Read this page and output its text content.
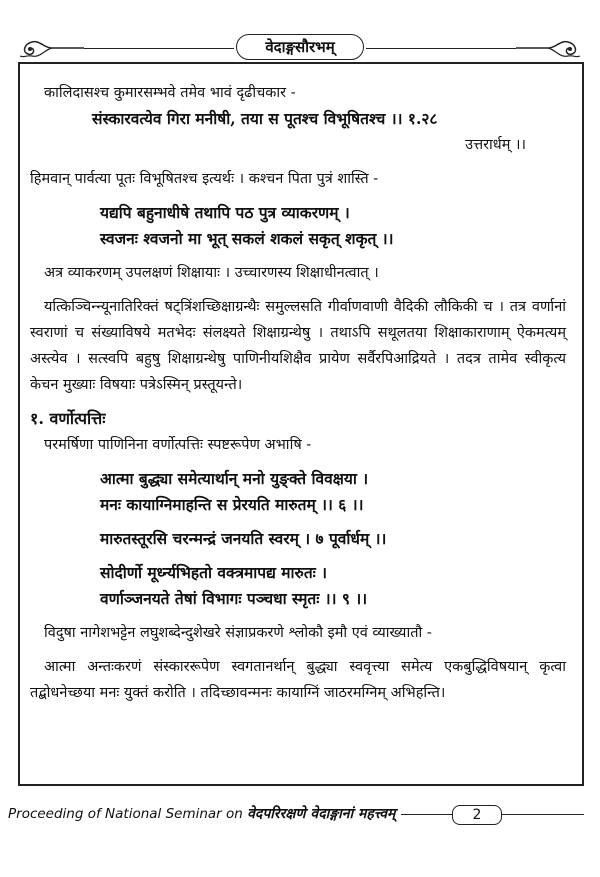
वेदाङ्गसौरभम्

कालिदासश्च कुमारसम्भवे तमेव भावं दृढीचकार -

संस्कारवत्येव गिरा मनीषी, तया स पूतश्च विभूषितश्च ।। १.२८

उत्तरार्धम् ।।

हिमवान् पार्वत्या पूतः विभूषितश्च इत्यर्थः । कश्चन पिता पुत्रं शास्ति -

यद्यपि बहुनाधीषे तथापि पठ पुत्र व्याकरणम् ।

स्वजनः श्वजनो मा भूत् सकलं शकलं सकृत् शकृत् ।।

अत्र व्याकरणम् उपलक्षणं शिक्षायाः । उच्चारणस्य शिक्षाधीनत्वात् ।

यत्किञ्चिन्न्यूनातिरिक्तं षट्त्रिंशच्छिक्षाग्रन्थैः समुल्लसति गीर्वाणवाणी वैदिकी लौकिकी च । तत्र वर्णानां स्वराणां च संख्याविषये मतभेदः संलक्ष्यते शिक्षाग्रन्थेषु । तथाऽपि सथूलतया शिक्षाकाराणाम् ऐकमत्यम् अस्त्येव । सत्स्वपि बहुषु शिक्षाग्रन्थेषु पाणिनीयशिक्षैव प्रायेण सर्वैरपिआद्रियते । तदत्र तामेव स्वीकृत्य केचन मुख्याः विषयाः पत्रेऽस्मिन् प्रस्तूयन्ते।

१. वर्णोत्पत्तिः

परमर्षिणा पाणिनिना वर्णोत्पत्तिः स्पष्टरूपेण अभाषि -

आत्मा बुद्ध्या समेत्यार्थान् मनो युङ्क्ते विवक्षया ।

मनः कायाग्निमाहन्ति स प्रेरयति मारुतम् ।। ६ ।।

मारुतस्तूरसि चरन्मन्द्रं जनयति स्वरम् । ७ पूर्वार्धम् ।।

सोदीर्णो मूर्ध्न्यभिहतो वक्त्रमापद्य मारुतः ।

वर्णाञ्जनयते तेषां विभागः पञ्चधा स्मृतः ।। ९ ।।

विदुषा नागेशभट्टेन लघुशब्देन्दुशेखरे संज्ञाप्रकरणे श्लोकौ इमौ एवं व्याख्यातौ -

आत्मा अन्तःकरणं संस्काररूपेण स्वगतानर्थान् बुद्ध्या स्ववृत्त्या समेत्य एकबुद्धिविषयान् कृत्वा तद्बोधनेच्छया मनः युक्तं करोति । तदिच्छावन्मनः कायाग्निं जाठरमग्निम् अभिहन्ति।

Proceeding of National Seminar on वेदपरिरक्षणे वेदाङ्गानां महत्त्वम्	2
